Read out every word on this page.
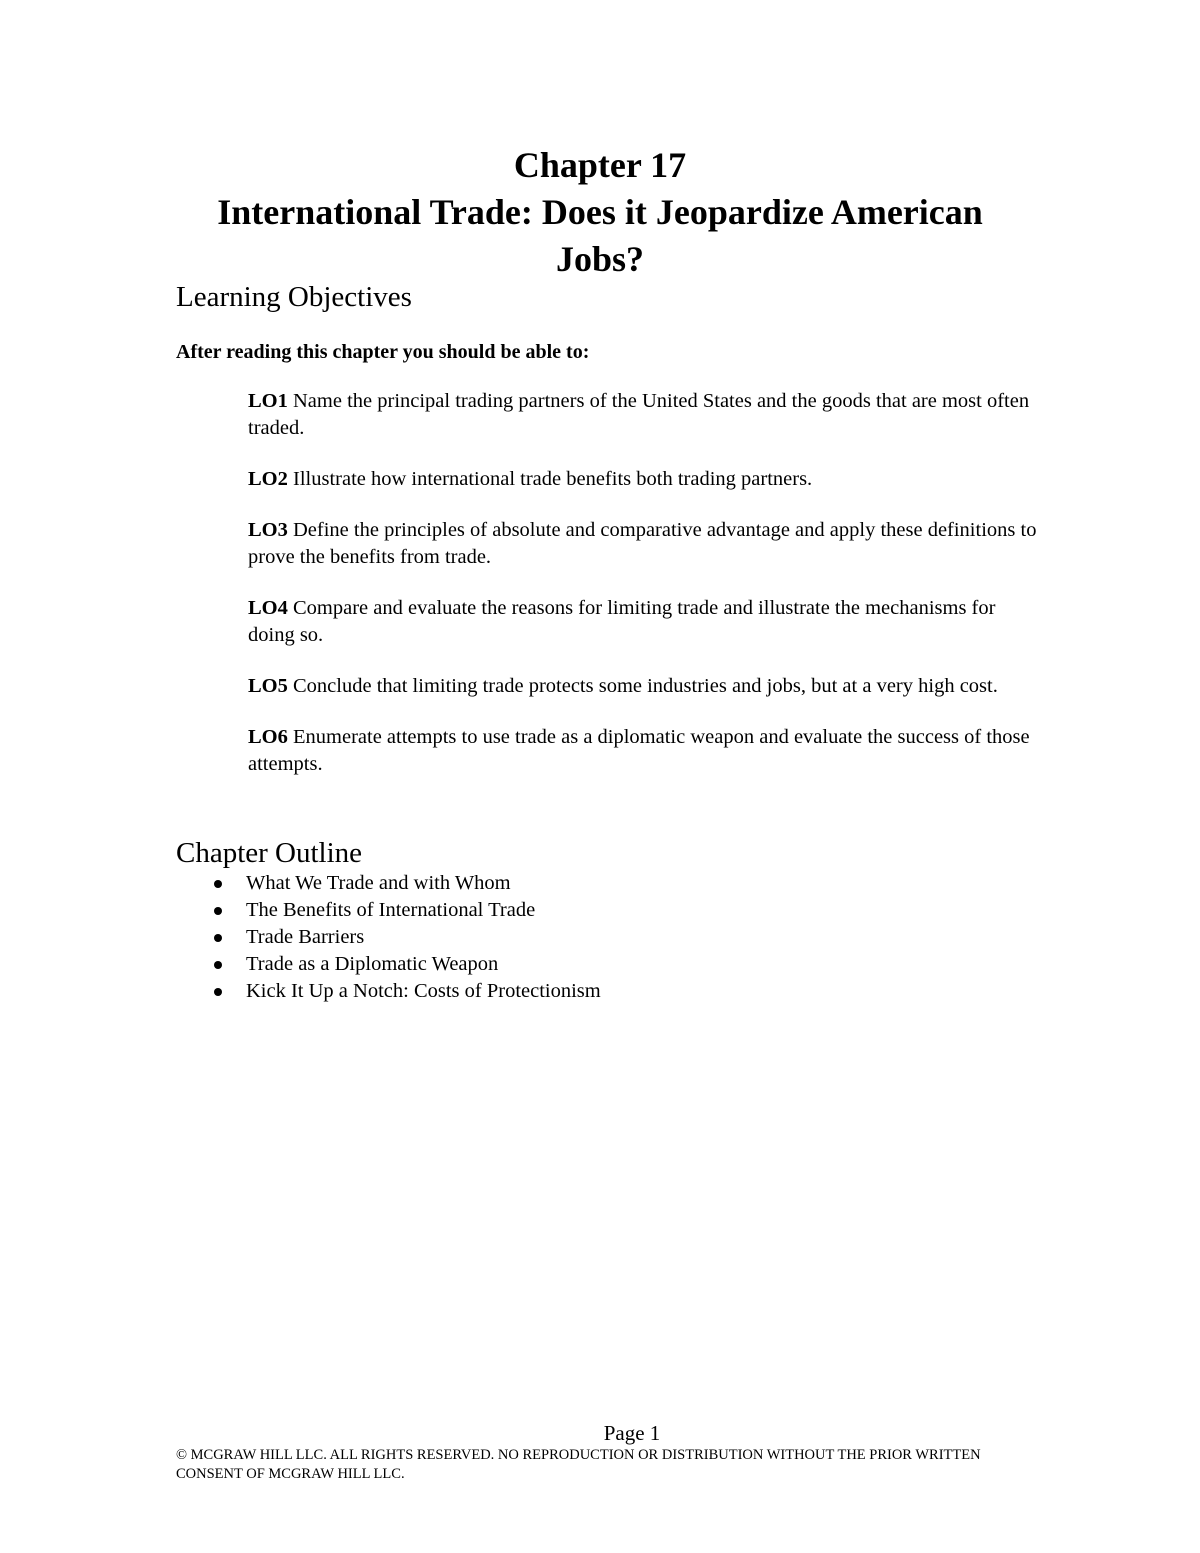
Chapter 17
International Trade: Does it Jeopardize American
Jobs?
Learning Objectives
After reading this chapter you should be able to:

LO1 Name the principal trading partners of the United States and the goods that are most often traded.

LO2 Illustrate how international trade benefits both trading partners.

LO3 Define the principles of absolute and comparative advantage and apply these definitions to prove the benefits from trade.

LO4 Compare and evaluate the reasons for limiting trade and illustrate the mechanisms for doing so.

LO5 Conclude that limiting trade protects some industries and jobs, but at a very high cost.

LO6 Enumerate attempts to use trade as a diplomatic weapon and evaluate the success of those attempts.

Chapter Outline
What We Trade and with Whom
The Benefits of International Trade
Trade Barriers
Trade as a Diplomatic Weapon
Kick It Up a Notch: Costs of Protectionism
Page 1
© MCGRAW HILL LLC. ALL RIGHTS RESERVED. NO REPRODUCTION OR DISTRIBUTION WITHOUT THE PRIOR WRITTEN CONSENT OF MCGRAW HILL LLC.
